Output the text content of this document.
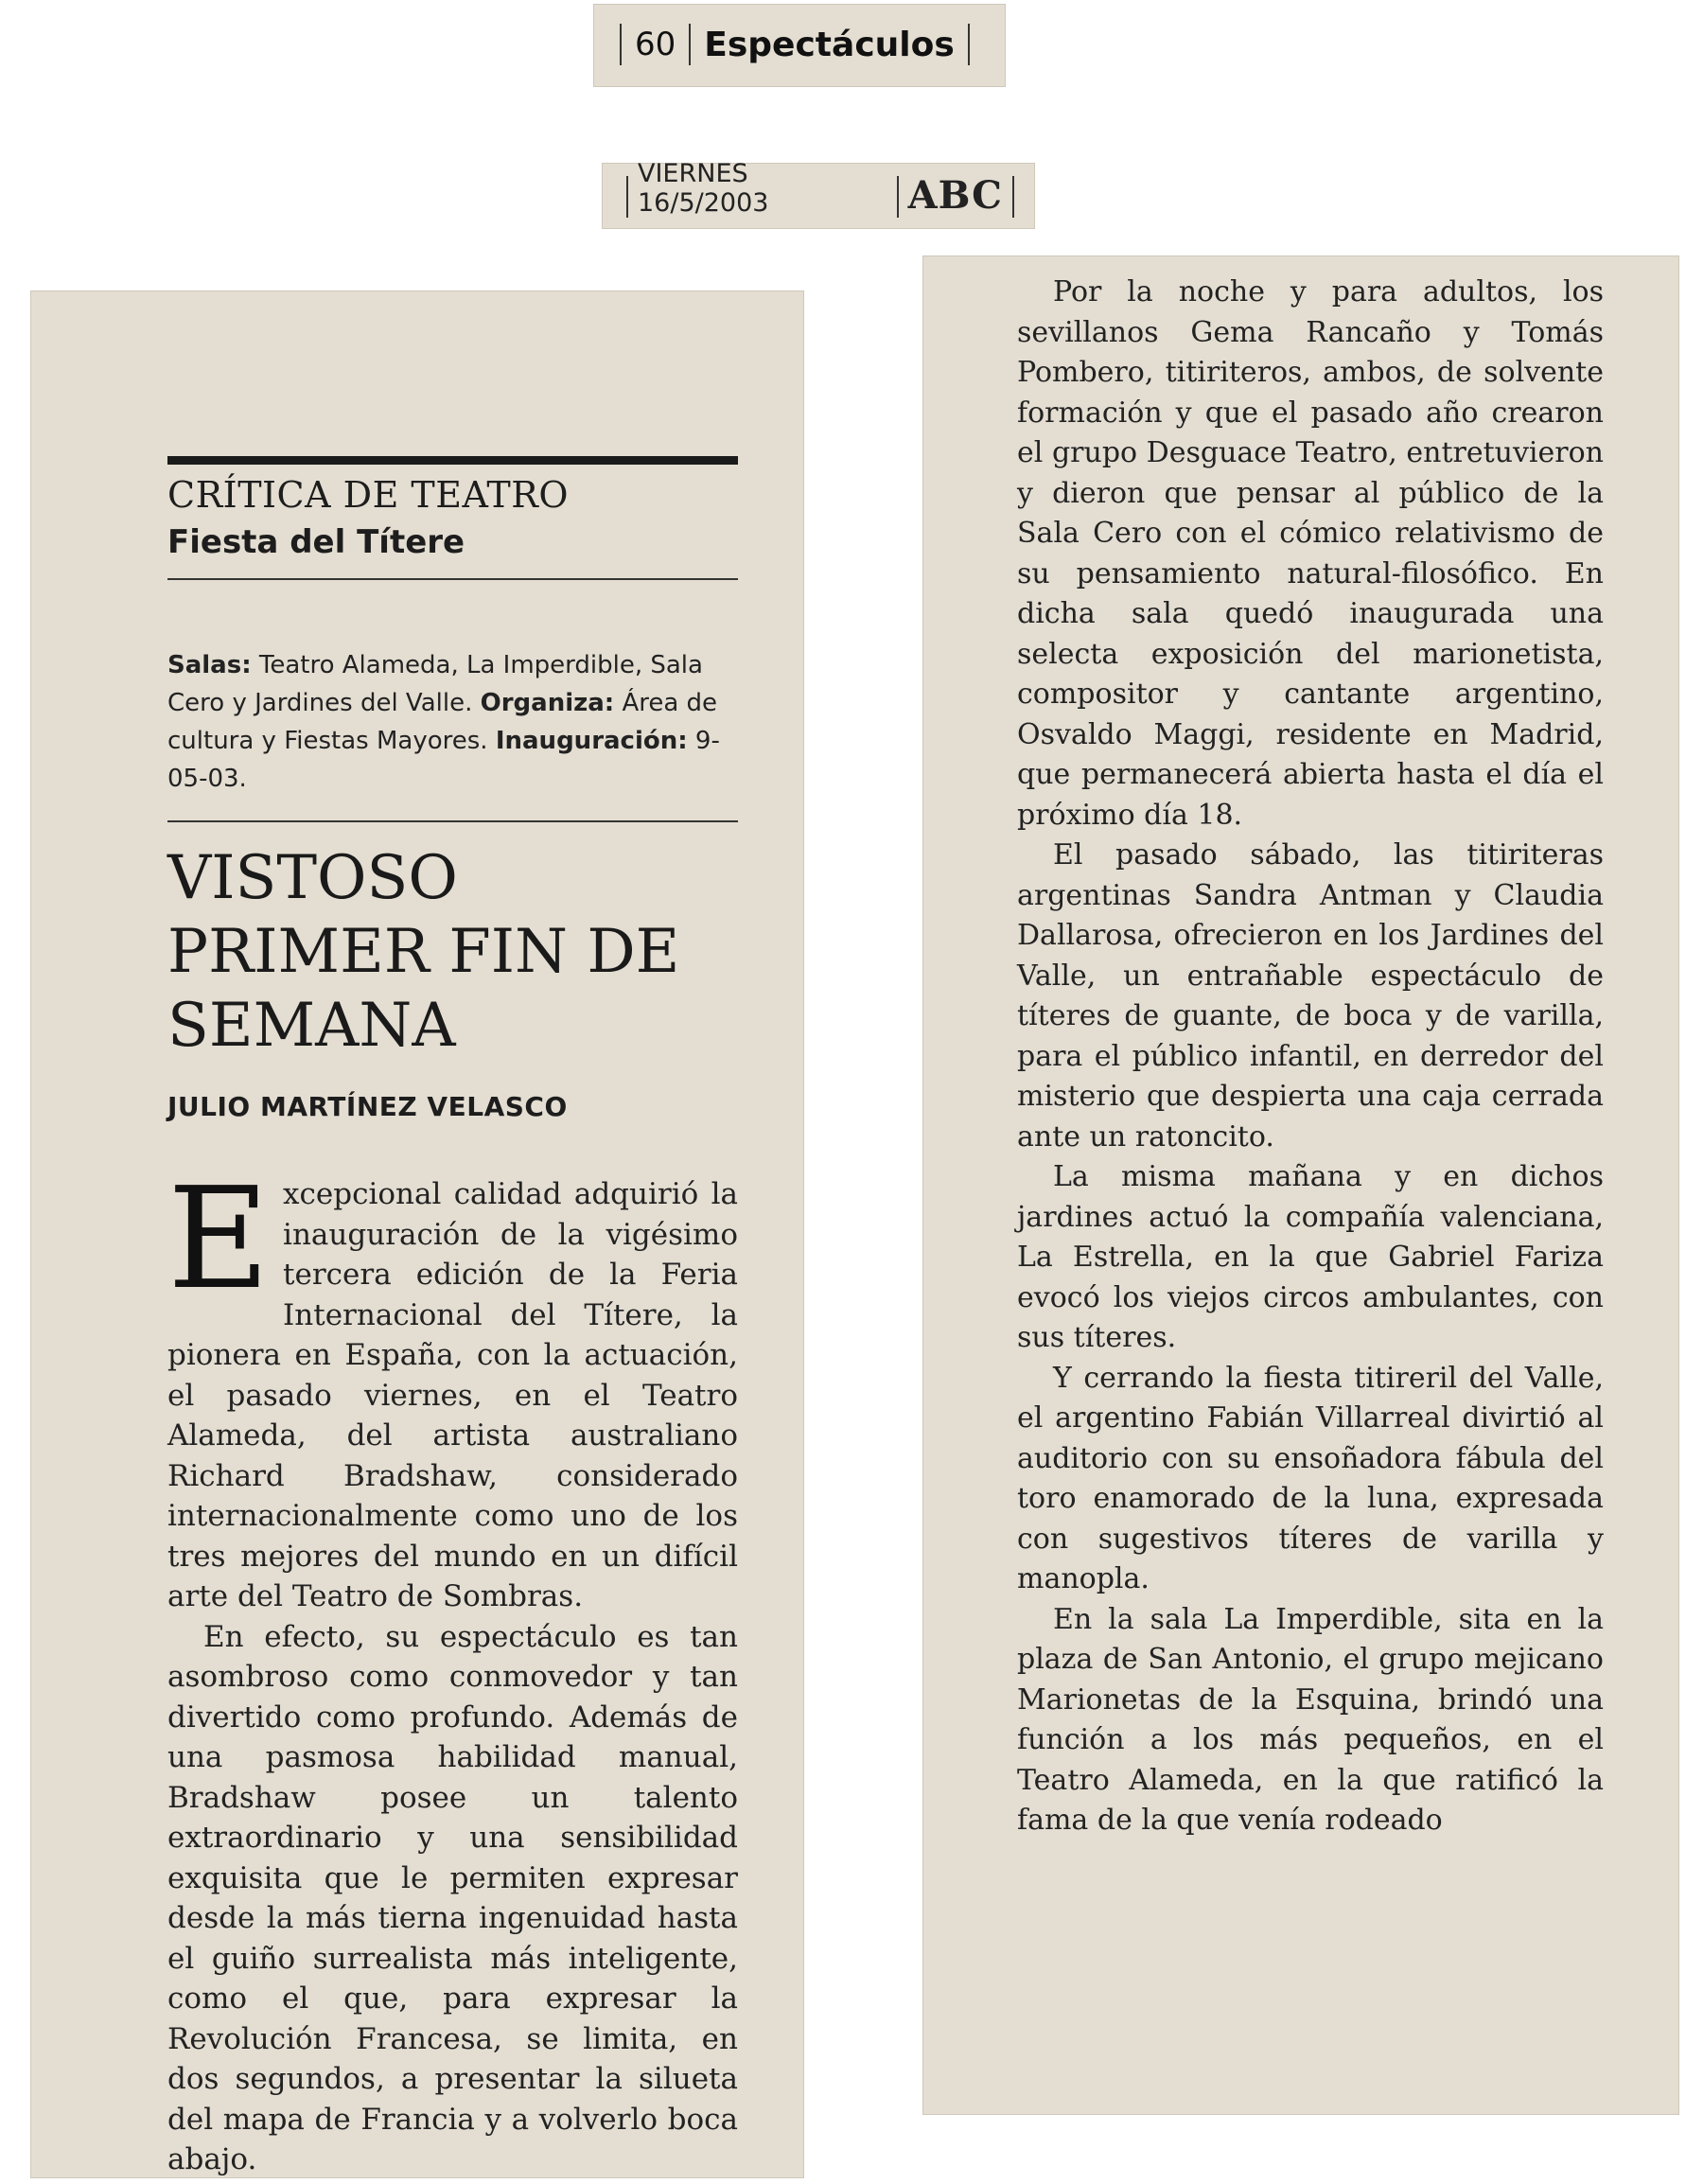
60 Espectáculos
VIERNES 16/5/2003	ABC
CRÍTICA DE TEATRO
Fiesta del Títere
Salas: Teatro Alameda, La Imperdible, Sala Cero y Jardines del Valle. Organiza: Área de cultura y Fiestas Mayores. Inauguración: 9-05-03.
VISTOSO PRIMER FIN DE SEMANA
JULIO MARTÍNEZ VELASCO

Excepcional calidad adquirió la inauguración de la vigésimo tercera edición de la Feria Internacional del Títere, la pionera en España, con la actuación, el pasado viernes, en el Teatro Alameda, del artista australiano Richard Bradshaw, considerado internacionalmente como uno de los tres mejores del mundo en un difícil arte del Teatro de Sombras.

En efecto, su espectáculo es tan asombroso como conmovedor y tan divertido como profundo. Además de una pasmosa habilidad manual, Bradshaw posee un talento extraordinario y una sensibilidad exquisita que le permiten expresar desde la más tierna ingenuidad hasta el guiño surrealista más inteligente, como el que, para expresar la Revolución Francesa, se limita, en dos segundos, a presentar la silueta del mapa de Francia y a volverlo boca abajo.

Por la noche y para adultos, los sevillanos Gema Rancaño y Tomás Pombero, titiriteros, ambos, de solvente formación y que el pasado año crearon el grupo Desguace Teatro, entretuvieron y dieron que pensar al público de la Sala Cero con el cómico relativismo de su pensamiento natural-filosófico. En dicha sala quedó inaugurada una selecta exposición del marionetista, compositor y cantante argentino, Osvaldo Maggi, residente en Madrid, que permanecerá abierta hasta el día el próximo día 18.

El pasado sábado, las titiriteras argentinas Sandra Antman y Claudia Dallarosa, ofrecieron en los Jardines del Valle, un entrañable espectáculo de títeres de guante, de boca y de varilla, para el público infantil, en derredor del misterio que despierta una caja cerrada ante un ratoncito.

La misma mañana y en dichos jardines actuó la compañía valenciana, La Estrella, en la que Gabriel Fariza evocó los viejos circos ambulantes, con sus títeres.

Y cerrando la fiesta titireril del Valle, el argentino Fabián Villarreal divirtió al auditorio con su ensoñadora fábula del toro enamorado de la luna, expresada con sugestivos títeres de varilla y manopla.

En la sala La Imperdible, sita en la plaza de San Antonio, el grupo mejicano Marionetas de la Esquina, brindó una función a los más pequeños, en el Teatro Alameda, en la que ratificó la fama de la que venía rodeado
